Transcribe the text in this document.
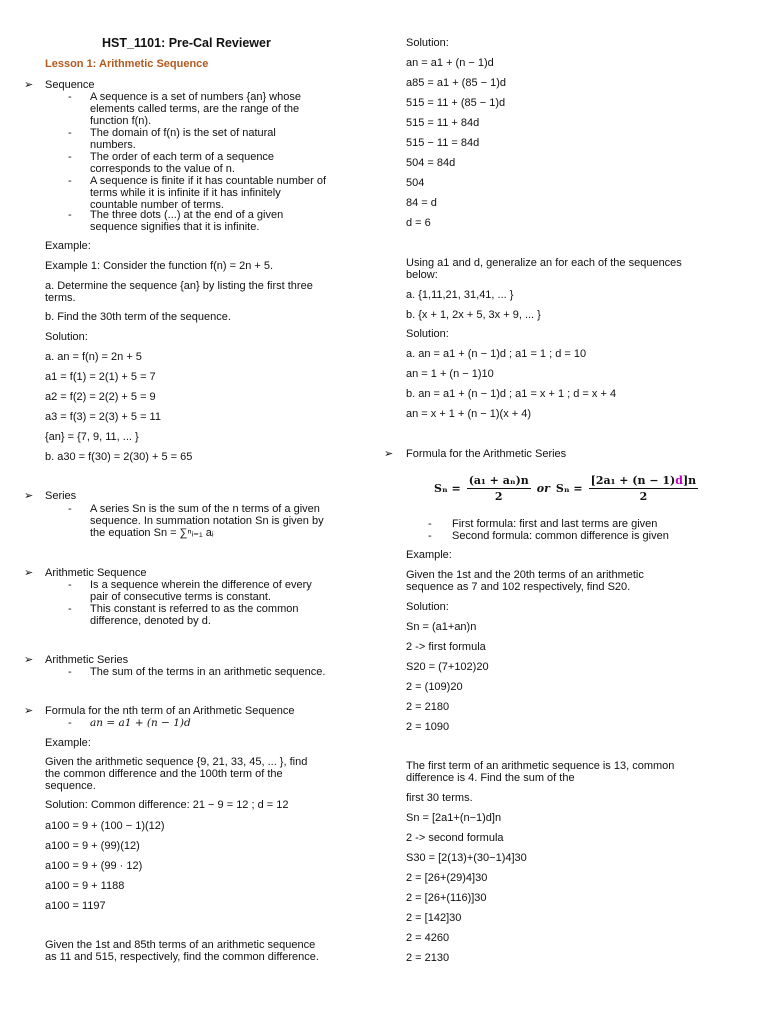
HST_1101: Pre-Cal Reviewer
Lesson 1: Arithmetic Sequence
➢ Sequence
- A sequence is a set of numbers {an} whose
elements called terms, are the range of the
function f(n).
- The domain of f(n) is the set of natural
numbers.
- The order of each term of a sequence
corresponds to the value of n.
- A sequence is finite if it has countable number of
terms while it is infinite if it has infinitely
countable number of terms.
- The three dots (...) at the end of a given
sequence signifies that it is infinite.
Example:
Example 1: Consider the function f(n) = 2n + 5.
a. Determine the sequence {an} by listing the first three
terms.
b. Find the 30th term of the sequence.
Solution:
a. an = f(n) = 2n + 5
a1 = f(1) = 2(1) + 5 = 7
a2 = f(2) = 2(2) + 5 = 9
a3 = f(3) = 2(3) + 5 = 11
{an} = {7, 9, 11, ... }
b. a30 = f(30) = 2(30) + 5 = 65
➢ Series
- A series Sn is the sum of the n terms of a given
sequence. In summation notation Sn is given by
the equation Sn = ∑ⁿᵢ₌₁ aᵢ
➢ Arithmetic Sequence
- Is a sequence wherein the difference of every
pair of consecutive terms is constant.
- This constant is referred to as the common
difference, denoted by d.
➢ Arithmetic Series
- The sum of the terms in an arithmetic sequence.
➢ Formula for the nth term of an Arithmetic Sequence
- an = a1 + (n − 1)d
Example:
Given the arithmetic sequence {9, 21, 33, 45, ... }, find
the common difference and the 100th term of the
sequence.
Solution: Common difference: 21 − 9 = 12 ; d = 12
a100 = 9 + (100 − 1)(12)
a100 = 9 + (99)(12)
a100 = 9 + (99 · 12)
a100 = 9 + 1188
a100 = 1197
Given the 1st and 85th terms of an arithmetic sequence
as 11 and 515, respectively, find the common difference.
Solution:
an = a1 + (n − 1)d
a85 = a1 + (85 − 1)d
515 = 11 + (85 − 1)d
515 = 11 + 84d
515 − 11 = 84d
504 = 84d
504
84 = d
d = 6
Using a1 and d, generalize an for each of the sequences
below:
a. {1,11,21, 31,41, ... }
b. {x + 1, 2x + 5, 3x + 9, ... }
Solution:
a. an = a1 + (n − 1)d ; a1 = 1 ; d = 10
an = 1 + (n − 1)10
b. an = a1 + (n − 1)d ; a1 = x + 1 ; d = x + 4
an = x + 1 + (n − 1)(x + 4)
➢ Formula for the Arithmetic Series
$S_n = \frac{\text{(a₁ + aₙ)n}}{2}$ or $S_n = \frac{\text{[2a₁ + (n − 1)d]n}}{2}$
- First formula: first and last terms are given
- Second formula: common difference is given
Example:
Given the 1st and the 20th terms of an arithmetic
sequence as 7 and 102 respectively, find S20.
Solution:
Sn = (a1+an)n
2 -> first formula
S20 = (7+102)20
2 = (109)20
2 = 2180
2 = 1090
The first term of an arithmetic sequence is 13, common
difference is 4. Find the sum of the
first 30 terms.
Sn = [2a1+(n−1)d]n
2 -> second formula
S30 = [2(13)+(30−1)4]30
2 = [26+(29)4]30
2 = [26+(116)]30
2 = [142]30
2 = 4260
2 = 2130
